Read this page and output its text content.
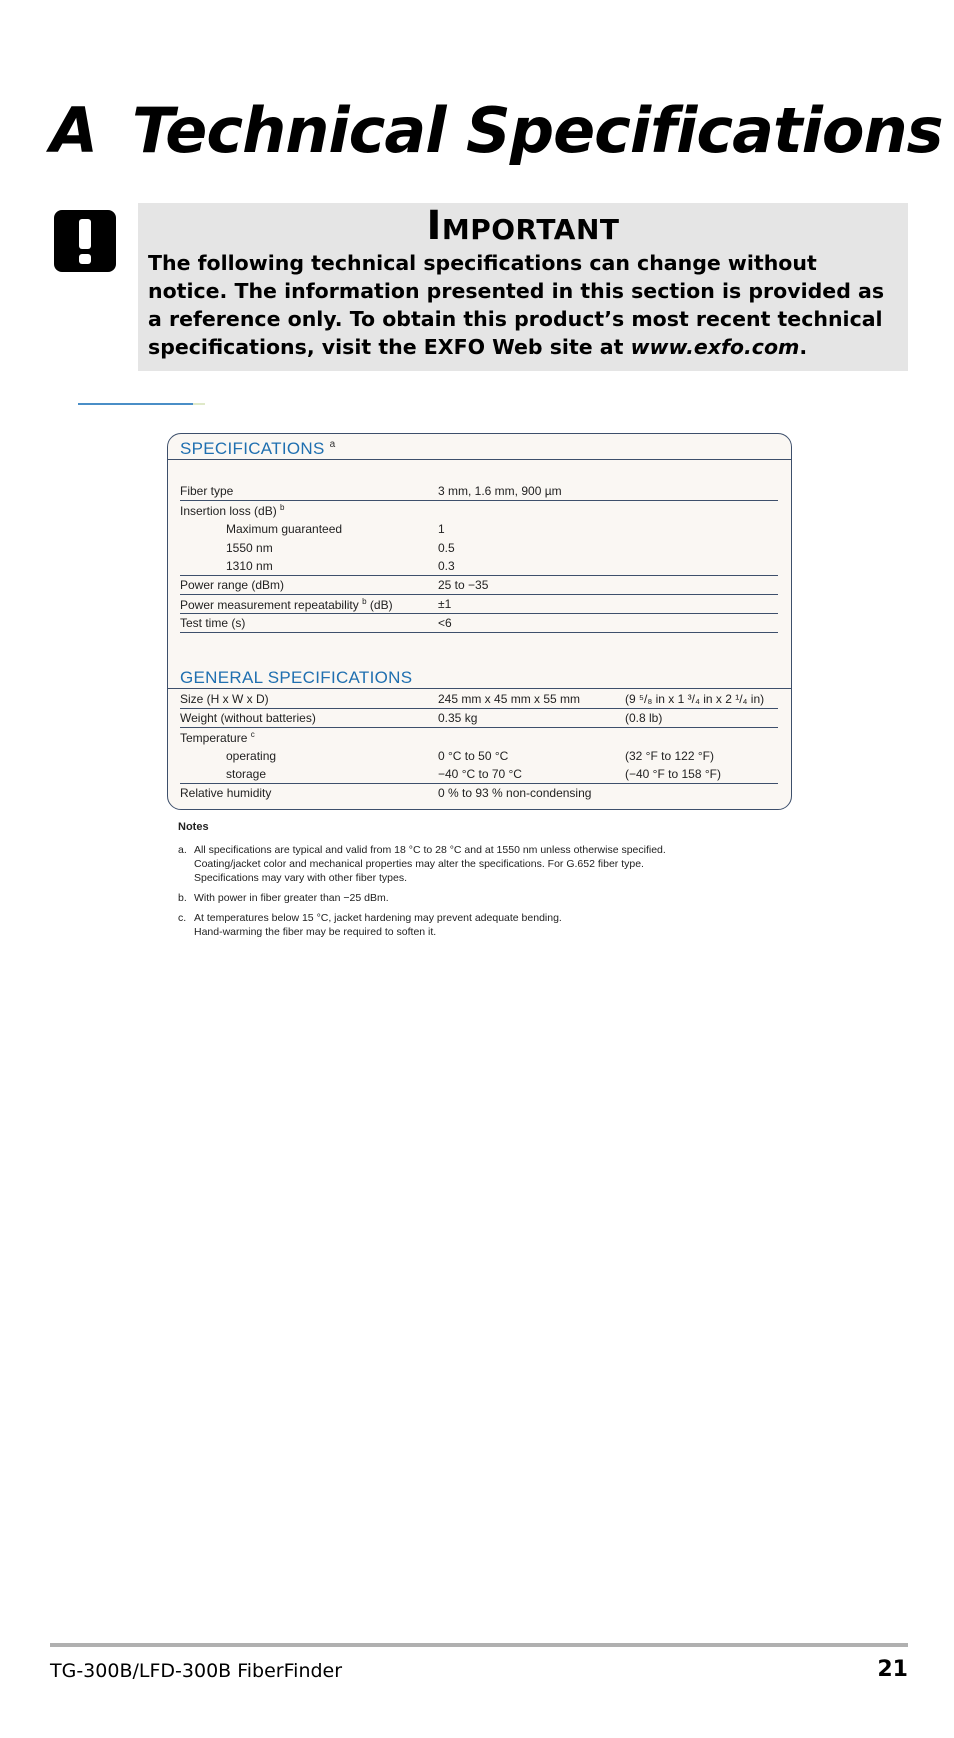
A Technical Specifications
Important
The following technical specifications can change without notice. The information presented in this section is provided as a reference only. To obtain this product’s most recent technical specifications, visit the EXFO Web site at www.exfo.com.
SPECIFICATIONS $^a$
Fiber type	3 mm, 1.6 mm, 900 µm
Insertion loss (dB) $^b$
Maximum guaranteed	1
1550 nm	0.5
1310 nm	0.3
Power range (dBm)	25 to −35
Power measurement repeatability $^b$ (dB)	±1
Test time (s)	<6
GENERAL SPECIFICATIONS
Size (H x W x D)	245 mm x 45 mm x 55 mm	(9 ⁵/₈ in x 1 ³/₄ in x 2 ¹/₄ in)
Weight (without batteries)	0.35 kg	(0.8 lb)
Temperature $^c$
operating	0 °C to 50 °C	(32 °F to 122 °F)
storage	−40 °C to 70 °C	(−40 °F to 158 °F)
Relative humidity	0 % to 93 % non-condensing
Notes
a. All specifications are typical and valid from 18 °C to 28 °C and at 1550 nm unless otherwise specified.
Coating/jacket color and mechanical properties may alter the specifications. For G.652 fiber type.
Specifications may vary with other fiber types.
b. With power in fiber greater than −25 dBm.
c. At temperatures below 15 °C, jacket hardening may prevent adequate bending.
Hand-warming the fiber may be required to soften it.
TG-300B/LFD-300B FiberFinder	21
